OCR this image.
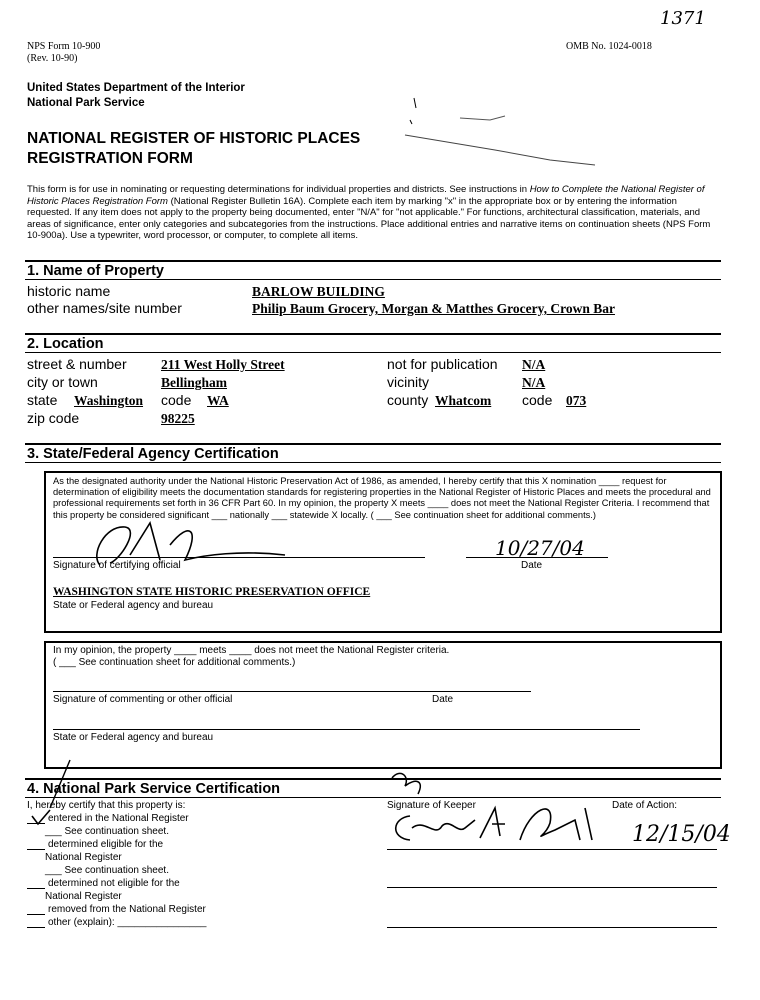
1371
NPS Form 10-900
(Rev. 10-90)
OMB No. 1024-0018
United States Department of the Interior
National Park Service
NATIONAL REGISTER OF HISTORIC PLACES
REGISTRATION FORM
This form is for use in nominating or requesting determinations for individual properties and districts. See instructions in How to Complete the National Register of Historic Places Registration Form (National Register Bulletin 16A). Complete each item by marking "x" in the appropriate box or by entering the information requested. If any item does not apply to the property being documented, enter "N/A" for "not applicable." For functions, architectural classification, materials, and areas of significance, enter only categories and subcategories from the instructions. Place additional entries and narrative items on continuation sheets (NPS Form 10-900a). Use a typewriter, word processor, or computer, to complete all items.
1. Name of Property
historic name	BARLOW BUILDING
other names/site number	Philip Baum Grocery, Morgan & Matthes Grocery, Crown Bar
2. Location
street & number	211 West Holly Street	not for publication N/A
city or town	Bellingham	vicinity	N/A
state Washington code WA	county Whatcom code 073
zip code	98225
3. State/Federal Agency Certification
As the designated authority under the National Historic Preservation Act of 1986, as amended, I hereby certify that this X nomination ____ request for determination of eligibility meets the documentation standards for registering properties in the National Register of Historic Places and meets the procedural and professional requirements set forth in 36 CFR Part 60. In my opinion, the property X meets ____ does not meet the National Register Criteria. I recommend that this property be considered significant ___ nationally ___ statewide X locally. ( ___ See continuation sheet for additional comments.)
10/27/04
Signature of certifying official	Date
WASHINGTON STATE HISTORIC PRESERVATION OFFICE
State or Federal agency and bureau
In my opinion, the property ____ meets ____ does not meet the National Register criteria.
( ___ See continuation sheet for additional comments.)
Signature of commenting or other official	Date
State or Federal agency and bureau
4. National Park Service Certification
I, hereby certify that this property is:
entered in the National Register
___ See continuation sheet.
determined eligible for the
National Register
___ See continuation sheet.
determined not eligible for the
National Register
removed from the National Register
other (explain): ________________
Signature of Keeper	Date of Action:
12/15/04
